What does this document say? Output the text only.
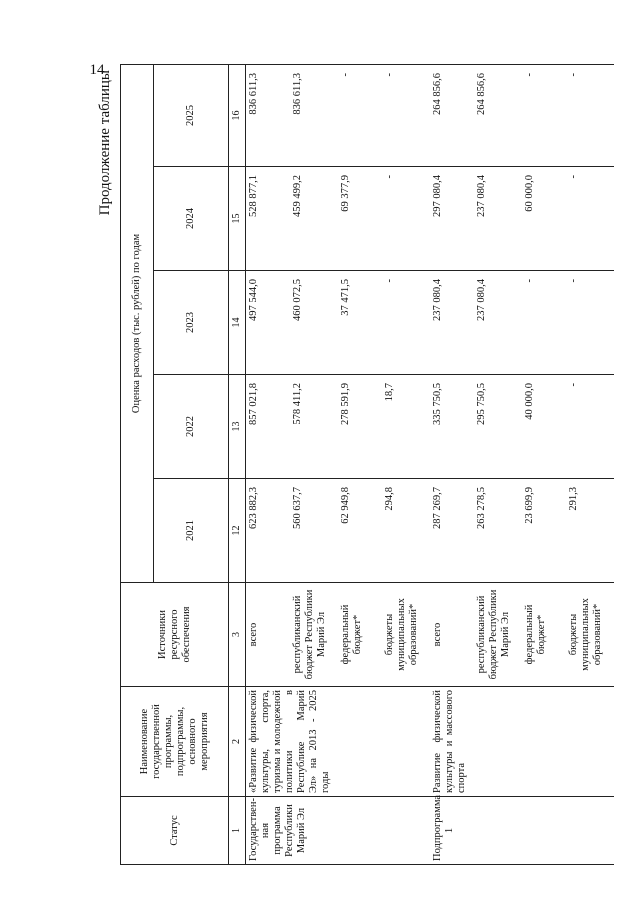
14
Продолжение таблицы
Статус	Наименование государственной программы, подпрограммы, основного мероприятия	Источники ресурсного обеспечения	Оценка расходов (тыс. рублей) по годам				
			2021	2022	2023	2024	2025
1	2	3	12	13	14	15	16
Государствен-ная программа Республики Марий Эл	«Развитие физической культуры, спорта, туризма и молодежной политики в Республике Марий Эл» на 2013 - 2025 годы	всего	623 882,3	857 021,8	497 544,0	528 877,1	836 611,3
		республиканский бюджет Республики Марий Эл	560 637,7	578 411,2	460 072,5	459 499,2	836 611,3
		федеральный бюджет*	62 949,8	278 591,9	37 471,5	69 377,9	-
		бюджеты муниципальных образований*	294,8	18,7	-	-	-
Подпрограмма 1	Развитие физической культуры и массового спорта	всего	287 269,7	335 750,5	237 080,4	297 080,4	264 856,6
		республиканский бюджет Республики Марий Эл	263 278,5	295 750,5	237 080,4	237 080,4	264 856,6
		федеральный бюджет*	23 699,9	40 000,0	-	60 000,0	-
		бюджеты муниципальных образований*	291,3	-	-	-	-
